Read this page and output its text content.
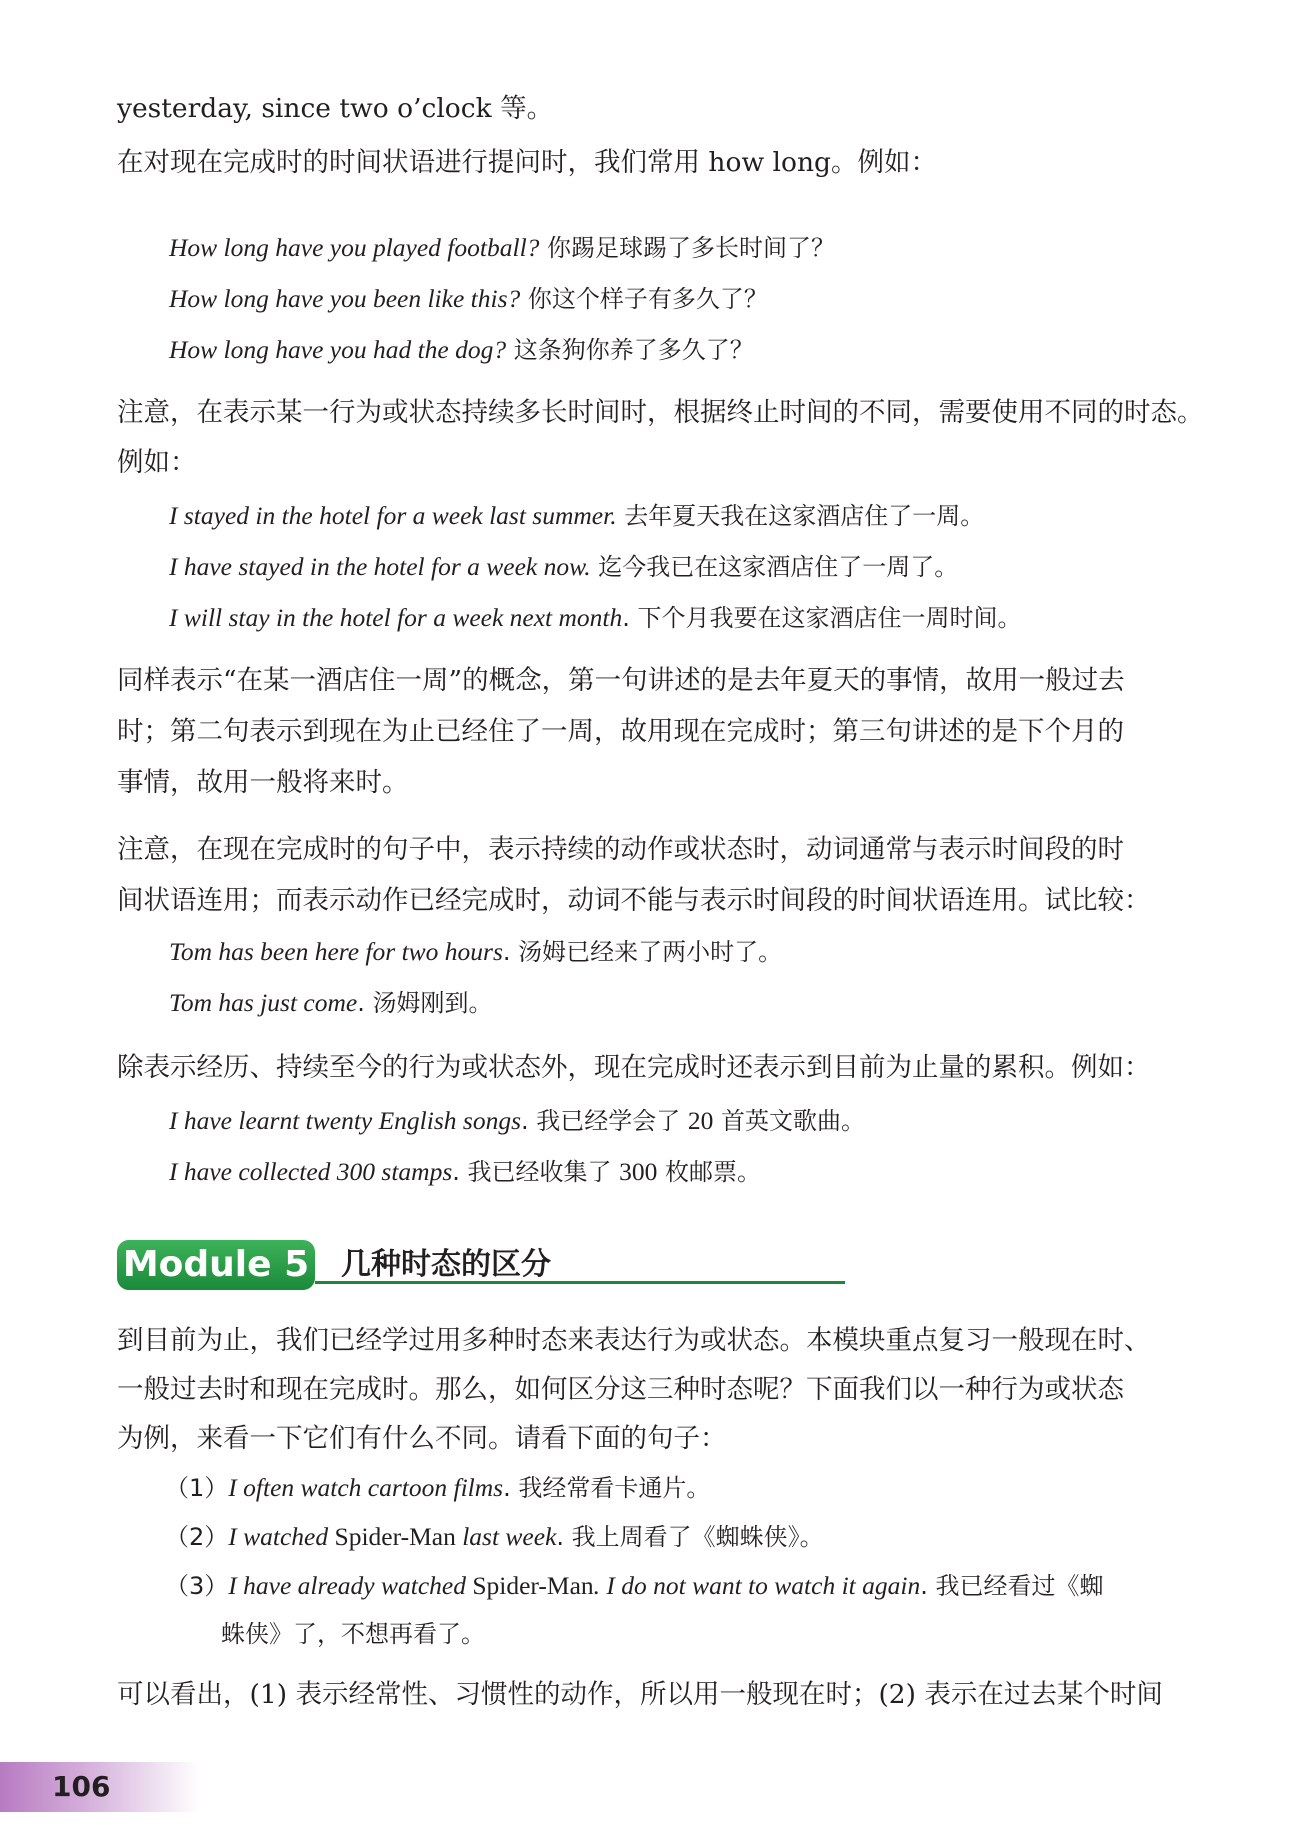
yesterday, since two o’clock 等。

在对现在完成时的时间状语进行提问时，我们常用 how long。例如：

How long have you played football? 你踢足球踢了多长时间了？
How long have you been like this? 你这个样子有多久了？
How long have you had the dog? 这条狗你养了多久了？

注意，在表示某一行为或状态持续多长时间时，根据终止时间的不同，需要使用不同的时态。

例如：

I stayed in the hotel for a week last summer. 去年夏天我在这家酒店住了一周。
I have stayed in the hotel for a week now. 迄今我已在这家酒店住了一周了。
I will stay in the hotel for a week next month. 下个月我要在这家酒店住一周时间。

同样表示“在某一酒店住一周”的概念，第一句讲述的是去年夏天的事情，故用一般过去

时；第二句表示到现在为止已经住了一周，故用现在完成时；第三句讲述的是下个月的

事情，故用一般将来时。

注意，在现在完成时的句子中，表示持续的动作或状态时，动词通常与表示时间段的时

间状语连用；而表示动作已经完成时，动词不能与表示时间段的时间状语连用。试比较：

Tom has been here for two hours. 汤姆已经来了两小时了。
Tom has just come. 汤姆刚到。

除表示经历、持续至今的行为或状态外，现在完成时还表示到目前为止量的累积。例如：

I have learnt twenty English songs. 我已经学会了 20 首英文歌曲。
I have collected 300 stamps. 我已经收集了 300 枚邮票。

到目前为止，我们已经学过用多种时态来表达行为或状态。本模块重点复习一般现在时、

一般过去时和现在完成时。那么，如何区分这三种时态呢？下面我们以一种行为或状态

为例，来看一下它们有什么不同。请看下面的句子：

（1）I often watch cartoon films. 我经常看卡通片。
（2）I watched Spider-Man last week. 我上周看了《蜘蛛侠》。
（3）I have already watched Spider-Man. I do not want to watch it again. 我已经看过《蜘
蛛侠》了，不想再看了。

可以看出，(1) 表示经常性、习惯性的动作，所以用一般现在时；(2) 表示在过去某个时间

Module 5 几种时态的区分
106
